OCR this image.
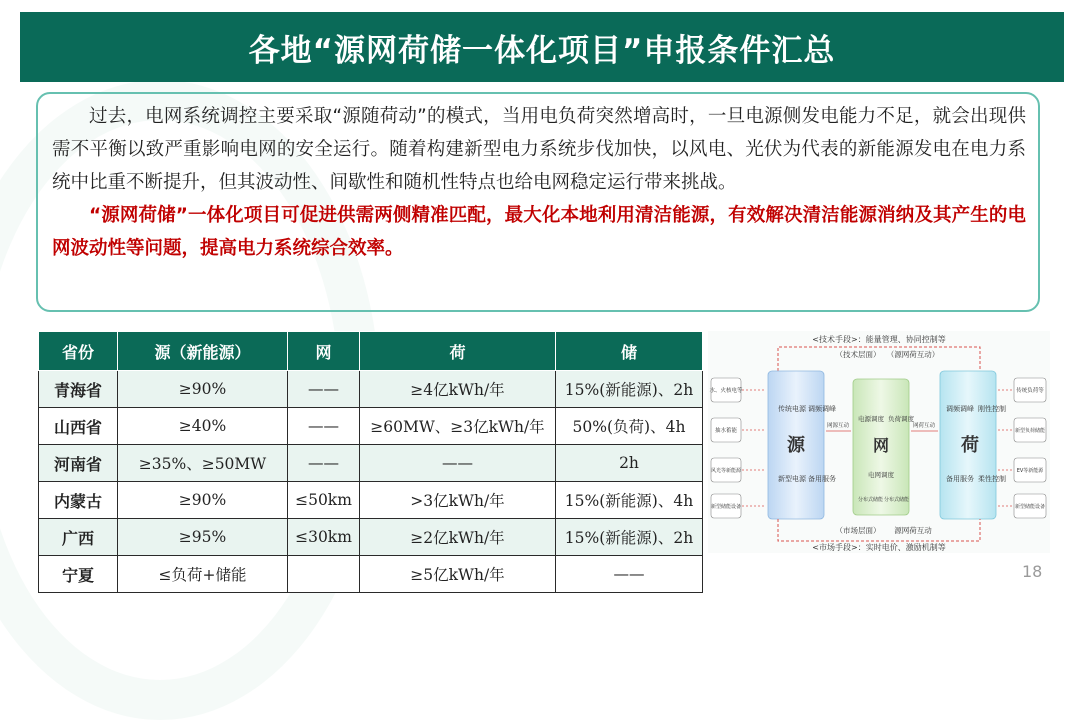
各地“源网荷储一体化项目”申报条件汇总

过去，电网系统调控主要采取“源随荷动”的模式，当用电负荷突然增高时，一旦电源侧发电能力不足，就会出现供需不平衡以致严重影响电网的安全运行。随着构建新型电力系统步伐加快，以风电、光伏为代表的新能源发电在电力系统中比重不断提升，但其波动性、间歇性和随机性特点也给电网稳定运行带来挑战。

“源网荷储”一体化项目可促进供需两侧精准匹配，最大化本地利用清洁能源，有效解决清洁能源消纳及其产生的电网波动性等问题，提高电力系统综合效率。

省份	源（新能源）	网	荷	储
青海省	≥90%	——	≥4亿kWh/年	15%(新能源)、2h
山西省	≥40%	——	≥60MW、≥3亿kWh/年	50%(负荷)、4h
河南省	≥35%、≥50MW	——	——	2h
内蒙古	≥90%	≤50km	>3亿kWh/年	15%(新能源)、4h
广西	≥95%	≤30km	≥2亿kWh/年	15%(新能源)、2h
宁夏	≤负荷+储能		≥5亿kWh/年	——
<技术手段>：能量管理、协同控制等
（技术层面） （源网荷互动）
水、火核电等
抽水蓄能
风光等新能源
新型储能设备
源
传统电源
新型电源
调频调峰
备用服务
网
电源调度 负荷调度
电网调度
分布式储能 分布式储能
荷
调频调峰
备用服务
刚性控制
柔性控制
传统负荷等
新型负荷储能
EV等新能源
新型储能设备
网源互动	网荷互动
（市场层面） 源网荷互动
<市场手段>：实时电价、激励机制等
18
